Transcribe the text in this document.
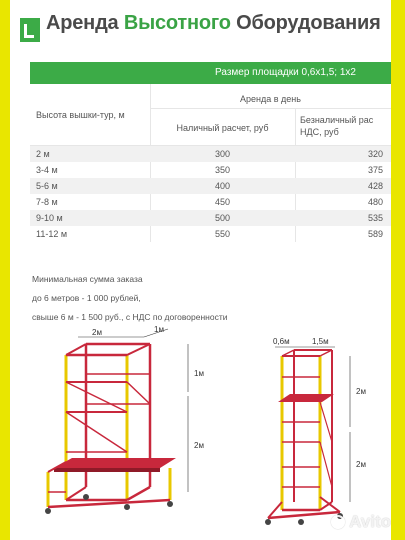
Аренда Высотного Оборудования
Размер площадки 0,6х1,5; 1х2
Высота вышки-тур, м
Аренда в день
Наличный расчет, руб
Безналичный рас
НДС, руб
2 м	300	320
3-4 м	350	375
5-6 м	400	428
7-8 м	450	480
9-10 м	500	535
11-12 м	550	589
Минимальная сумма заказа
до 6 метров - 1 000 рублей,
свыше 6 м - 1 500 руб., с НДС по договоренности
2м	1м
1м
2м
0,6м	1,5м
2м
2м
Avito
